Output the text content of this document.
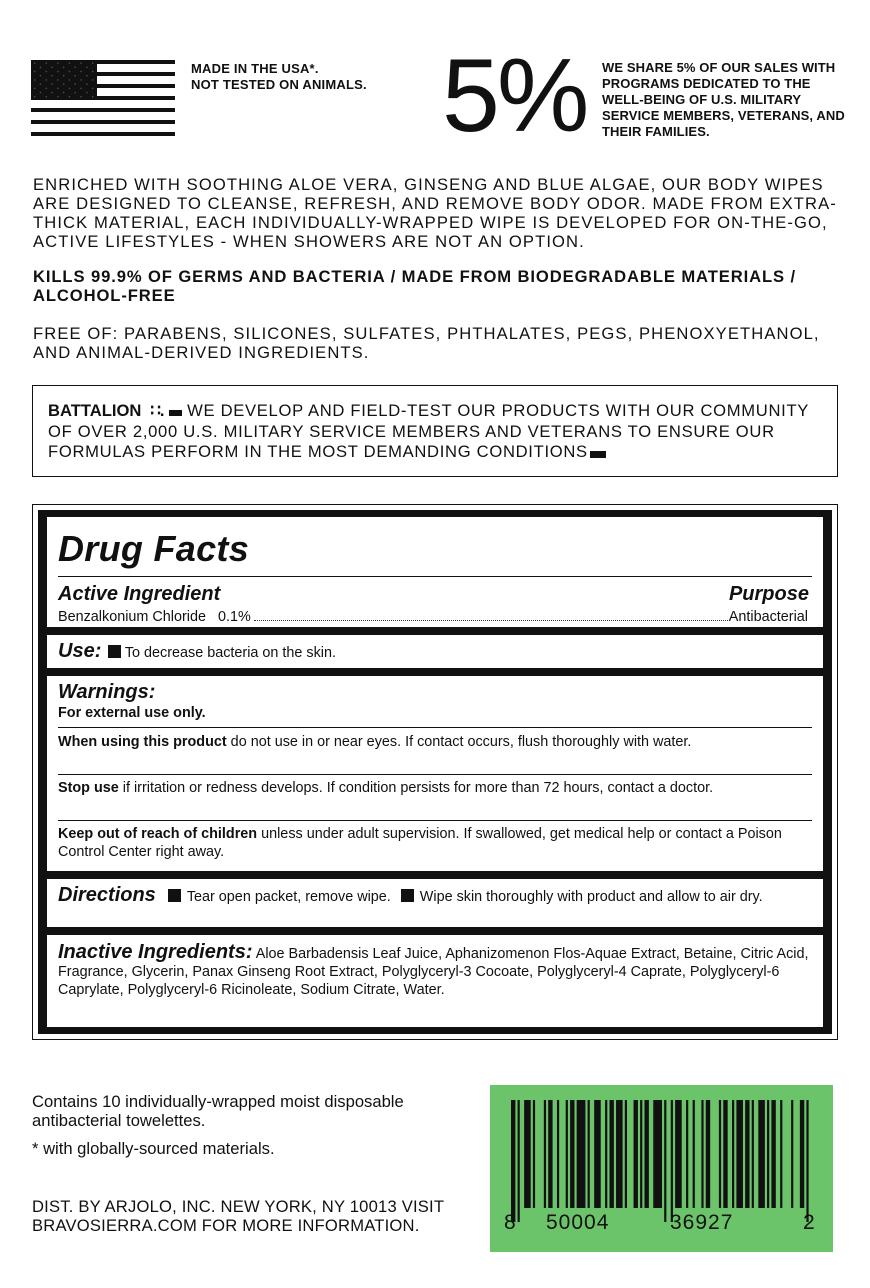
MADE IN THE USA*.
NOT TESTED ON ANIMALS. 5% WE SHARE 5% OF OUR SALES WITH PROGRAMS DEDICATED TO THE WELL-BEING OF U.S. MILITARY SERVICE MEMBERS, VETERANS, AND THEIR FAMILIES.
ENRICHED WITH SOOTHING ALOE VERA, GINSENG AND BLUE ALGAE, OUR BODY WIPES ARE DESIGNED TO CLEANSE, REFRESH, AND REMOVE BODY ODOR. MADE FROM EXTRA-THICK MATERIAL, EACH INDIVIDUALLY-WRAPPED WIPE IS DEVELOPED FOR ON-THE-GO, ACTIVE LIFESTYLES - WHEN SHOWERS ARE NOT AN OPTION.
KILLS 99.9% OF GERMS AND BACTERIA / MADE FROM BIODEGRADABLE MATERIALS / ALCOHOL-FREE
FREE OF: PARABENS, SILICONES, SULFATES, PHTHALATES, PEGS, PHENOXYETHANOL, AND ANIMAL-DERIVED INGREDIENTS.
BATTALION  ∷. WE DEVELOP AND FIELD-TEST OUR PRODUCTS WITH OUR COMMUNITY OF OVER 2,000 U.S. MILITARY SERVICE MEMBERS AND VETERANS TO ENSURE OUR FORMULAS PERFORM IN THE MOST DEMANDING CONDITIONS
Drug Facts
Active Ingredient	Purpose
Benzalkonium Chloride   0.1%	Antibacterial
Use: To decrease bacteria on the skin.
Warnings:
For external use only.
When using this product do not use in or near eyes. If contact occurs, flush thoroughly with water.
Stop use if irritation or redness develops. If condition persists for more than 72 hours, contact a doctor.
Keep out of reach of children unless under adult supervision. If swallowed, get medical help or contact a Poison Control Center right away.
Directions Tear open packet, remove wipe. Wipe skin thoroughly with product and allow to air dry.
Inactive Ingredients: Aloe Barbadensis Leaf Juice, Aphanizomenon Flos-Aquae Extract, Betaine, Citric Acid, Fragrance, Glycerin, Panax Ginseng Root Extract, Polyglyceryl-3 Cocoate, Polyglyceryl-4 Caprate, Polyglyceryl-6 Caprylate, Polyglyceryl-6 Ricinoleate, Sodium Citrate, Water.
Contains 10 individually-wrapped moist disposable antibacterial towelettes.
* with globally-sourced materials.
DIST. BY ARJOLO, INC. NEW YORK, NY 10013 VISIT BRAVOSIERRA.COM FOR MORE INFORMATION.	8 50004	36927	2
